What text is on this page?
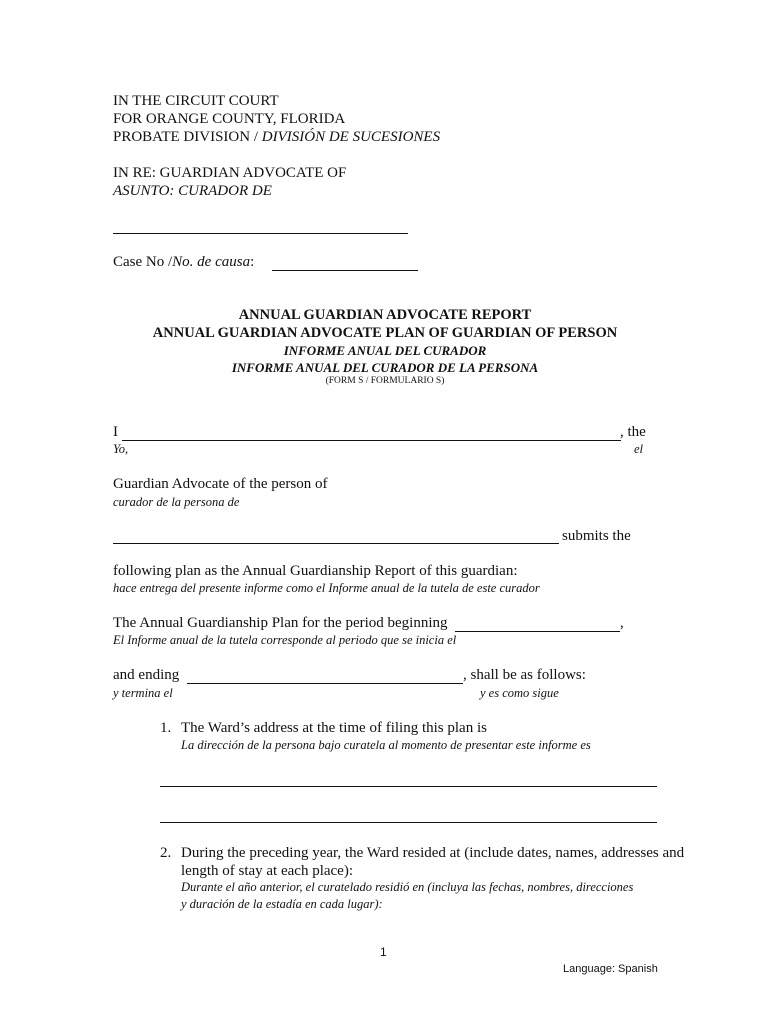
IN THE CIRCUIT COURT
FOR ORANGE COUNTY, FLORIDA
PROBATE DIVISION / DIVISIÓN DE SUCESIONES
IN RE: GUARDIAN ADVOCATE OF
ASUNTO: CURADOR DE
Case No /No. de causa:
ANNUAL GUARDIAN ADVOCATE REPORT
ANNUAL GUARDIAN ADVOCATE PLAN OF GUARDIAN OF PERSON
INFORME ANUAL DEL CURADOR
INFORME ANUAL DEL CURADOR DE LA PERSONA
(FORM S / FORMULARIO S)
I	, the
Yo,	el
Guardian Advocate of the person of
curador de la persona de
submits the
following plan as the Annual Guardianship Report of this guardian:
hace entrega del presente informe como el Informe anual de la tutela de este curador
The Annual Guardianship Plan for the period beginning	,
El Informe anual de la tutela corresponde al periodo que se inicia el
and ending	, shall be as follows:
y termina el	y es como sigue
1. The Ward’s address at the time of filing this plan is
La dirección de la persona bajo curatela al momento de presentar este informe es
2. During the preceding year, the Ward resided at (include dates, names, addresses and
length of stay at each place):
Durante el año anterior, el curatelado residió en (incluya las fechas, nombres, direcciones
y duración de la estadía en cada lugar):
1
Language: Spanish
